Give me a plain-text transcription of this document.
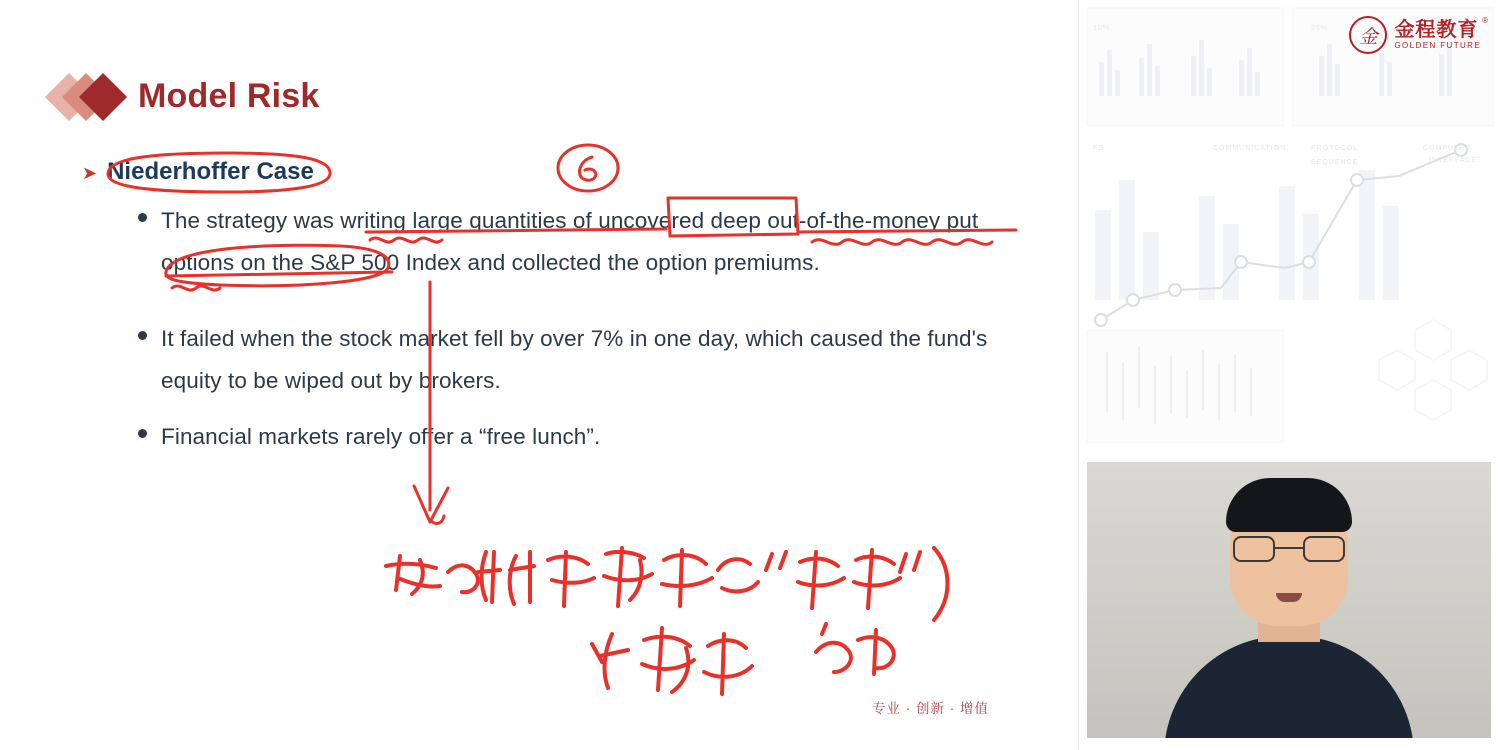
Model Risk
➤ Niederhoffer Case
The strategy was writing large quantities of uncovered deep out-of-the-money put options on the S&P 500 Index and collected the option premiums.
It failed when the stock market fell by over 7% in one day, which caused the fund's equity to be wiped out by brokers.
Financial markets rarely offer a “free lunch”.
专业 · 创新 · 增值
COMMUNICATION	PROTOCOL	COMPUTER
INTERFACE
SEQUENCE
FS
10%	26%	金 金程教育
GOLDEN FUTURE
®
